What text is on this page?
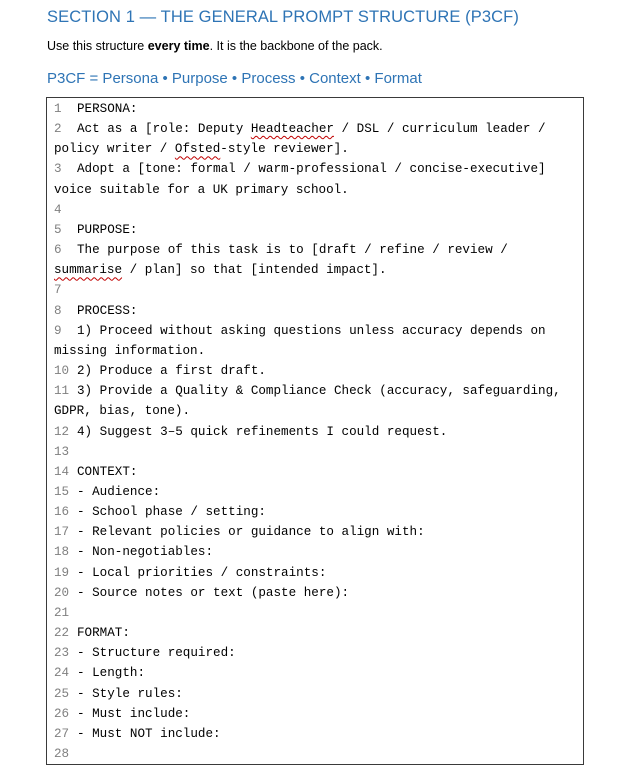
SECTION 1 — THE GENERAL PROMPT STRUCTURE (P3CF)

Use this structure every time. It is the backbone of the pack.

P3CF = Persona • Purpose • Process • Context • Format

1 PERSONA:
2 Act as a [role: Deputy Headteacher / DSL / curriculum leader / policy writer / Ofsted-style reviewer].
3 Adopt a [tone: formal / warm-professional / concise-executive] voice suitable for a UK primary school.
4
5 PURPOSE:
6 The purpose of this task is to [draft / refine / review / summarise / plan] so that [intended impact].
7
8 PROCESS:
9 1) Proceed without asking questions unless accuracy depends on missing information.
10 2) Produce a first draft.
11 3) Provide a Quality & Compliance Check (accuracy, safeguarding, GDPR, bias, tone).
12 4) Suggest 3–5 quick refinements I could request.
13
14 CONTEXT:
15 - Audience:
16 - School phase / setting:
17 - Relevant policies or guidance to align with:
18 - Non-negotiables:
19 - Local priorities / constraints:
20 - Source notes or text (paste here):
21
22 FORMAT:
23 - Structure required:
24 - Length:
25 - Style rules:
26 - Must include:
27 - Must NOT include:
28
